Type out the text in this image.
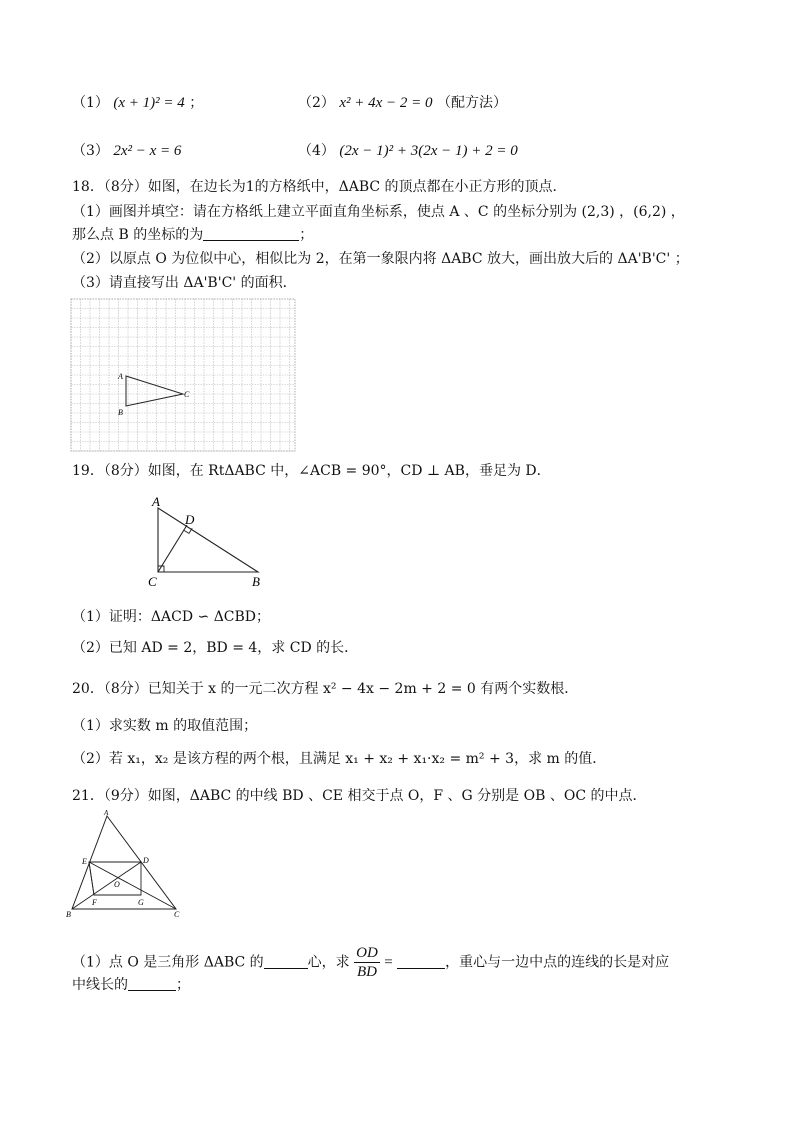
（1） (x + 1)² = 4 ；	（2） x² + 4x − 2 = 0 （配方法）
（3） 2x² − x = 6	（4） (2x − 1)² + 3(2x − 1) + 2 = 0
18．（8分）如图，在边长为1的方格纸中，ΔABC 的顶点都在小正方形的顶点．
（1）画图并填空：请在方格纸上建立平面直角坐标系，使点 A 、C 的坐标分别为 (2,3) ，(6,2) ，
那么点 B 的坐标的为	；
（2）以原点 O 为位似中心，相似比为 2，在第一象限内将 ΔABC 放大，画出放大后的 ΔA'B'C' ；
（3）请直接写出 ΔA'B'C' 的面积．
A
B
C
19．（8分）如图，在 RtΔABC 中，∠ACB = 90°，CD ⊥ AB，垂足为 D．
A
B
C
D
（1）证明：ΔACD ∽ ΔCBD；
（2）已知 AD = 2，BD = 4，求 CD 的长．
20．（8分）已知关于 x 的一元二次方程 x² − 4x − 2m + 2 = 0 有两个实数根．
（1）求实数 m 的取值范围；
（2）若 x₁，x₂ 是该方程的两个根，且满足 x₁ + x₂ + x₁·x₂ = m² + 3，求 m 的值．
21．（9分）如图，ΔABC 的中线 BD 、CE 相交于点 O，F 、G 分别是 OB 、OC 的中点．
A
B	C
D
E
F	G
O
（1）点 O 是三角形 ΔABC 的	心，求 $\frac{OD}{BD}$ =	，重心与一边中点的连线的长是对应
中线长的	；
